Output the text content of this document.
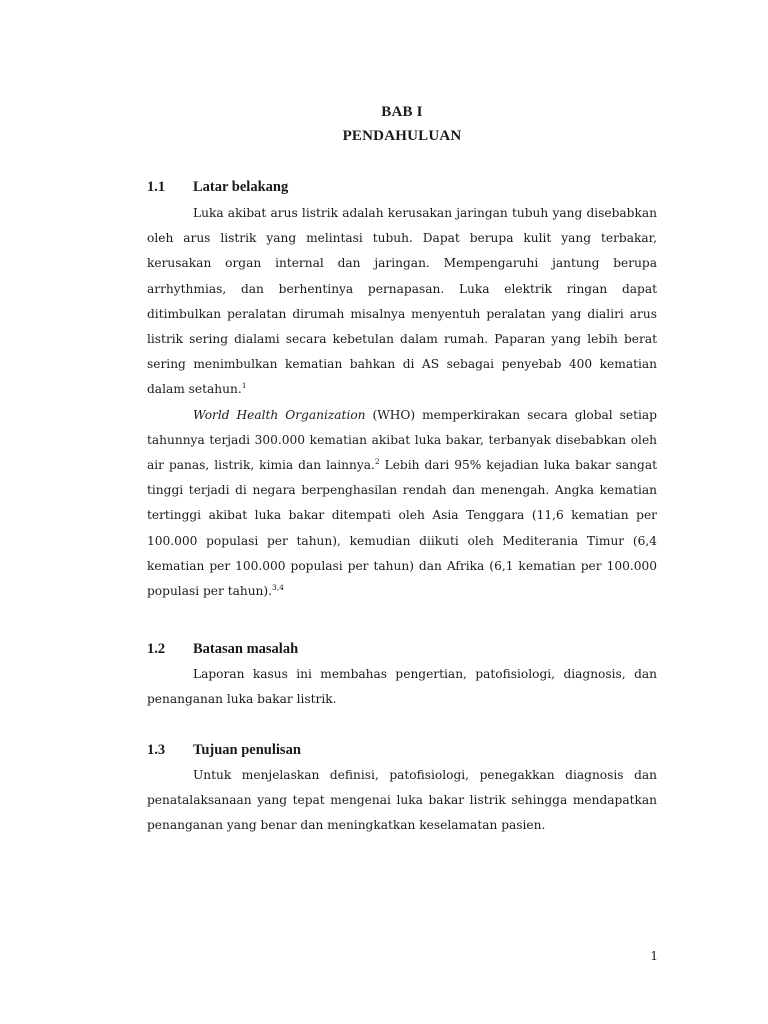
BAB I
PENDAHULUAN
1.1 Latar belakang

Luka akibat arus listrik adalah kerusakan jaringan tubuh yang disebabkan oleh arus listrik yang melintasi tubuh. Dapat berupa kulit yang terbakar, kerusakan organ internal dan jaringan. Mempengaruhi jantung berupa arrhythmias, dan berhentinya pernapasan. Luka elektrik ringan dapat ditimbulkan peralatan dirumah misalnya menyentuh peralatan yang dialiri arus listrik sering dialami secara kebetulan dalam rumah. Paparan yang lebih berat sering menimbulkan kematian bahkan di AS sebagai penyebab 400 kematian dalam setahun.$^1$

World Health Organization (WHO) memperkirakan secara global setiap tahunnya terjadi 300.000 kematian akibat luka bakar, terbanyak disebabkan oleh air panas, listrik, kimia dan lainnya.$^2$ Lebih dari 95% kejadian luka bakar sangat tinggi terjadi di negara berpenghasilan rendah dan menengah. Angka kematian tertinggi akibat luka bakar ditempati oleh Asia Tenggara (11,6 kematian per 100.000 populasi per tahun), kemudian diikuti oleh Mediterania Timur (6,4 kematian per 100.000 populasi per tahun) dan Afrika (6,1 kematian per 100.000 populasi per tahun).$^{3,4}$

1.2 Batasan masalah

Laporan kasus ini membahas pengertian, patofisiologi, diagnosis, dan penanganan luka bakar listrik.

1.3 Tujuan penulisan

Untuk menjelaskan definisi, patofisiologi, penegakkan diagnosis dan penatalaksanaan yang tepat mengenai luka bakar listrik sehingga mendapatkan penanganan yang benar dan meningkatkan keselamatan pasien.

1
